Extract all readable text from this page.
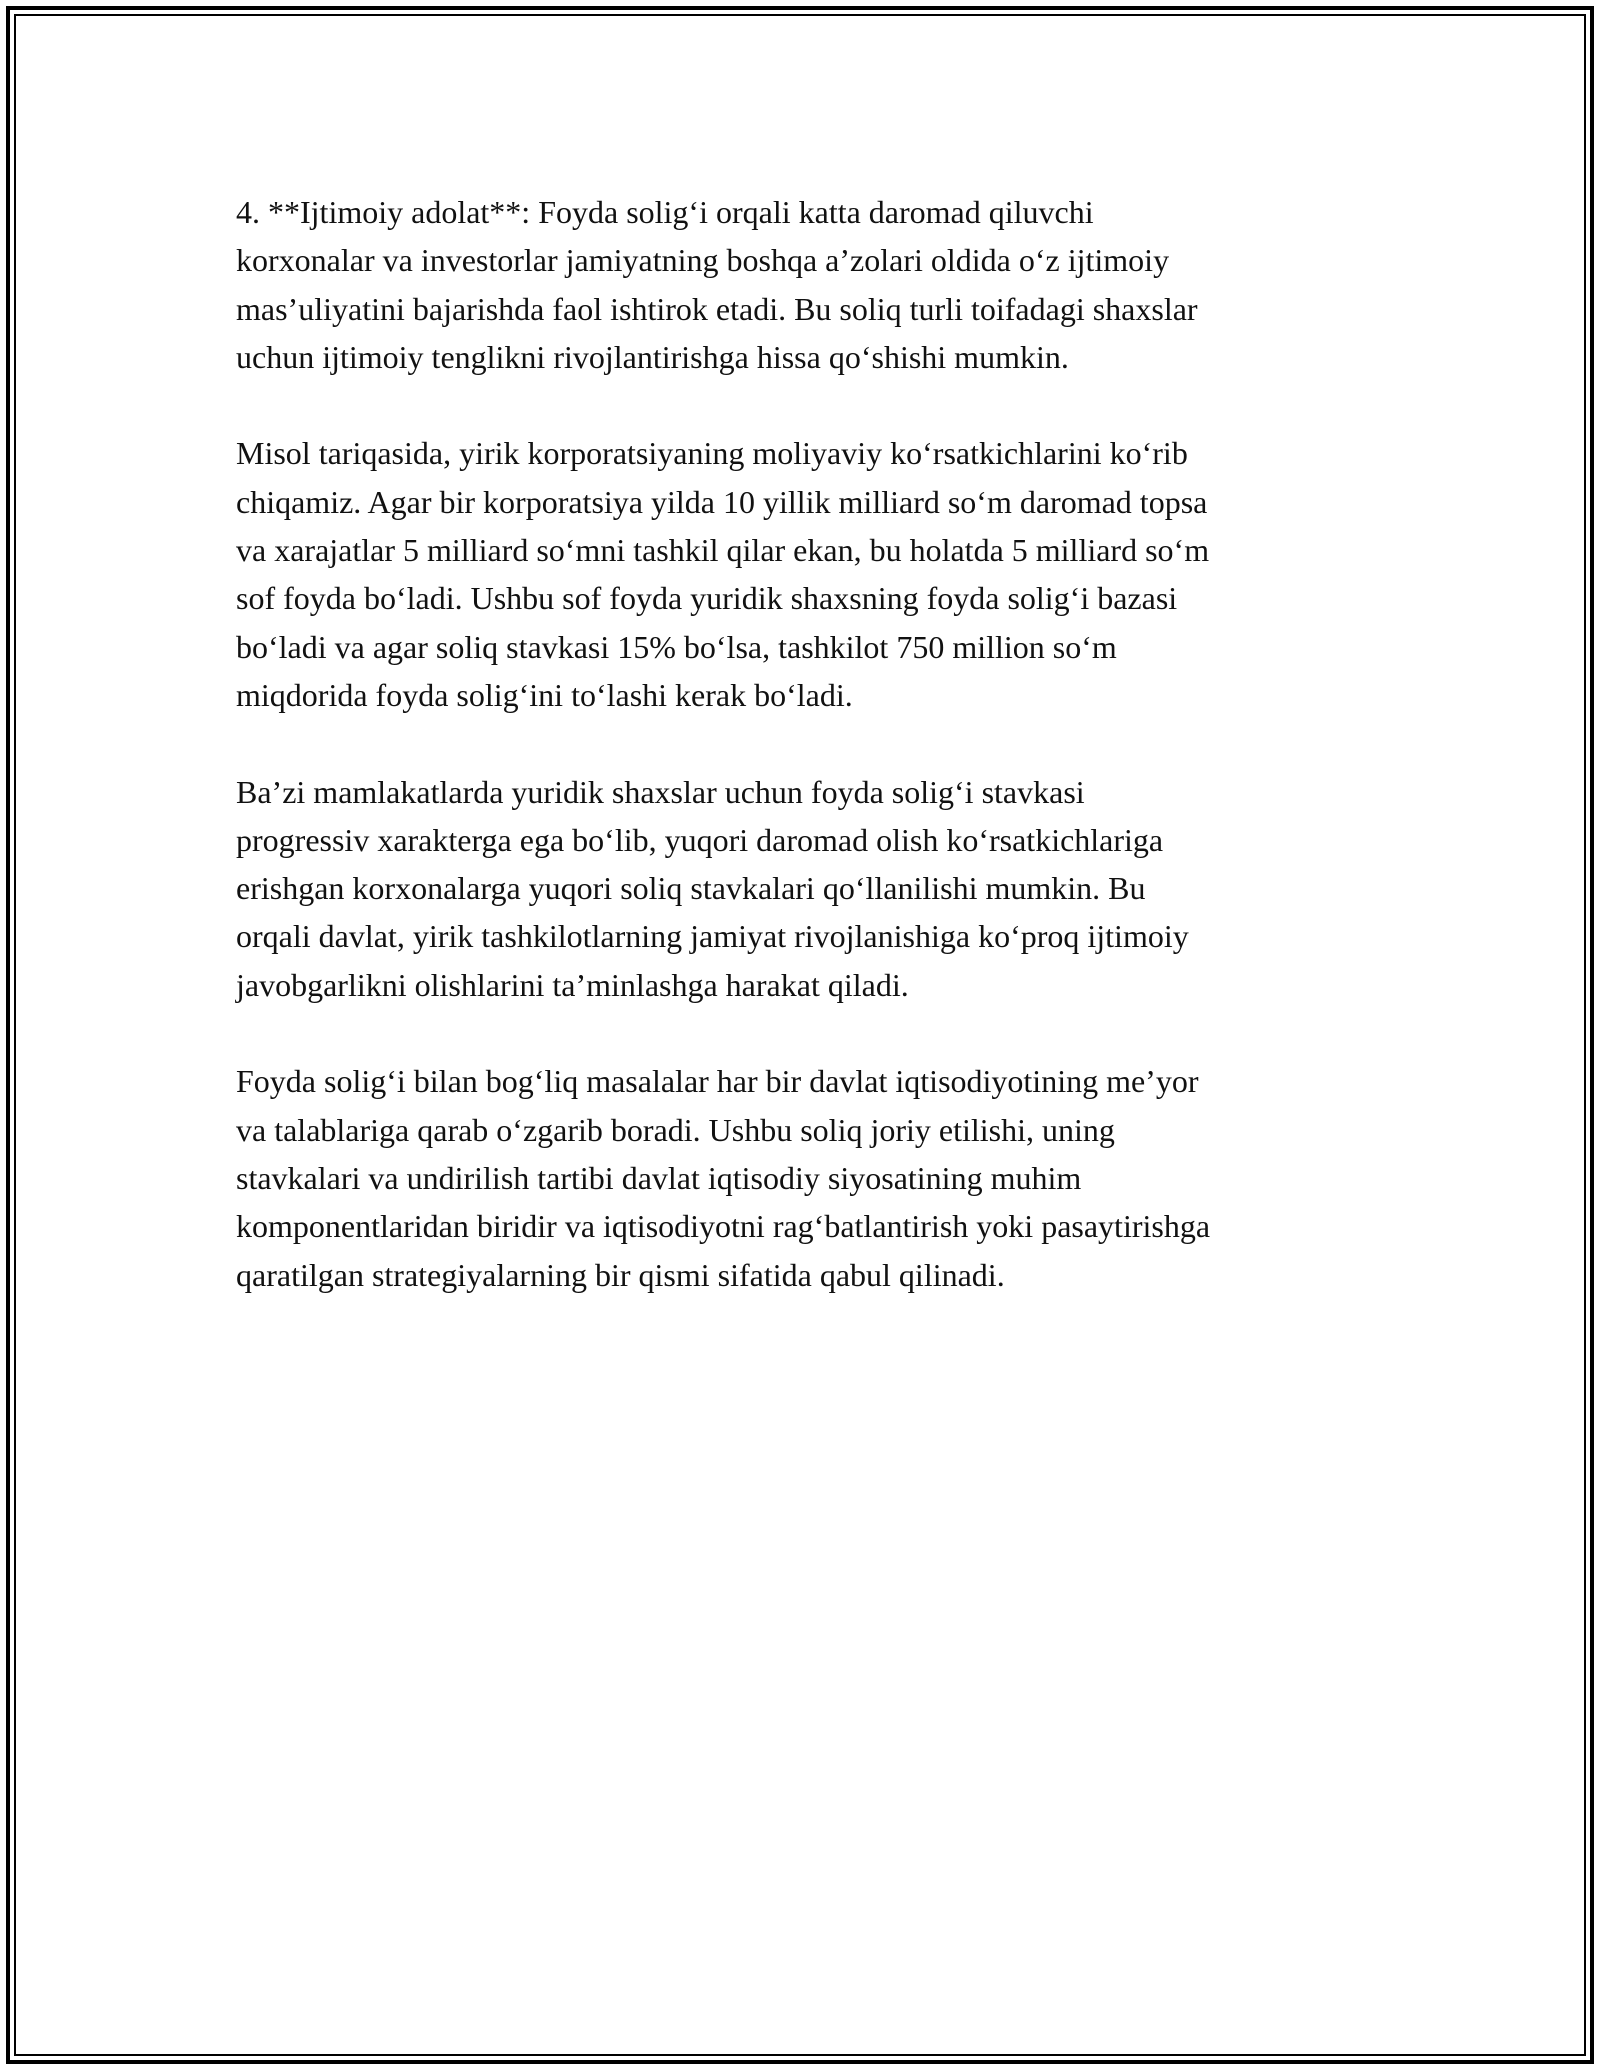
4. **Ijtimoiy adolat**: Foyda solig‘i orqali katta daromad qiluvchi
korxonalar va investorlar jamiyatning boshqa a’zolari oldida o‘z ijtimoiy
mas’uliyatini bajarishda faol ishtirok etadi. Bu soliq turli toifadagi shaxslar
uchun ijtimoiy tenglikni rivojlantirishga hissa qo‘shishi mumkin.

Misol tariqasida, yirik korporatsiyaning moliyaviy ko‘rsatkichlarini ko‘rib
chiqamiz. Agar bir korporatsiya yilda 10 yillik milliard so‘m daromad topsa
va xarajatlar 5 milliard so‘mni tashkil qilar ekan, bu holatda 5 milliard so‘m
sof foyda bo‘ladi. Ushbu sof foyda yuridik shaxsning foyda solig‘i bazasi
bo‘ladi va agar soliq stavkasi 15% bo‘lsa, tashkilot 750 million so‘m
miqdorida foyda solig‘ini to‘lashi kerak bo‘ladi.

Ba’zi mamlakatlarda yuridik shaxslar uchun foyda solig‘i stavkasi
progressiv xarakterga ega bo‘lib, yuqori daromad olish ko‘rsatkichlariga
erishgan korxonalarga yuqori soliq stavkalari qo‘llanilishi mumkin. Bu
orqali davlat, yirik tashkilotlarning jamiyat rivojlanishiga ko‘proq ijtimoiy
javobgarlikni olishlarini ta’minlashga harakat qiladi.

Foyda solig‘i bilan bog‘liq masalalar har bir davlat iqtisodiyotining me’yor
va talablariga qarab o‘zgarib boradi. Ushbu soliq joriy etilishi, uning
stavkalari va undirilish tartibi davlat iqtisodiy siyosatining muhim
komponentlaridan biridir va iqtisodiyotni rag‘batlantirish yoki pasaytirishga
qaratilgan strategiyalarning bir qismi sifatida qabul qilinadi.
